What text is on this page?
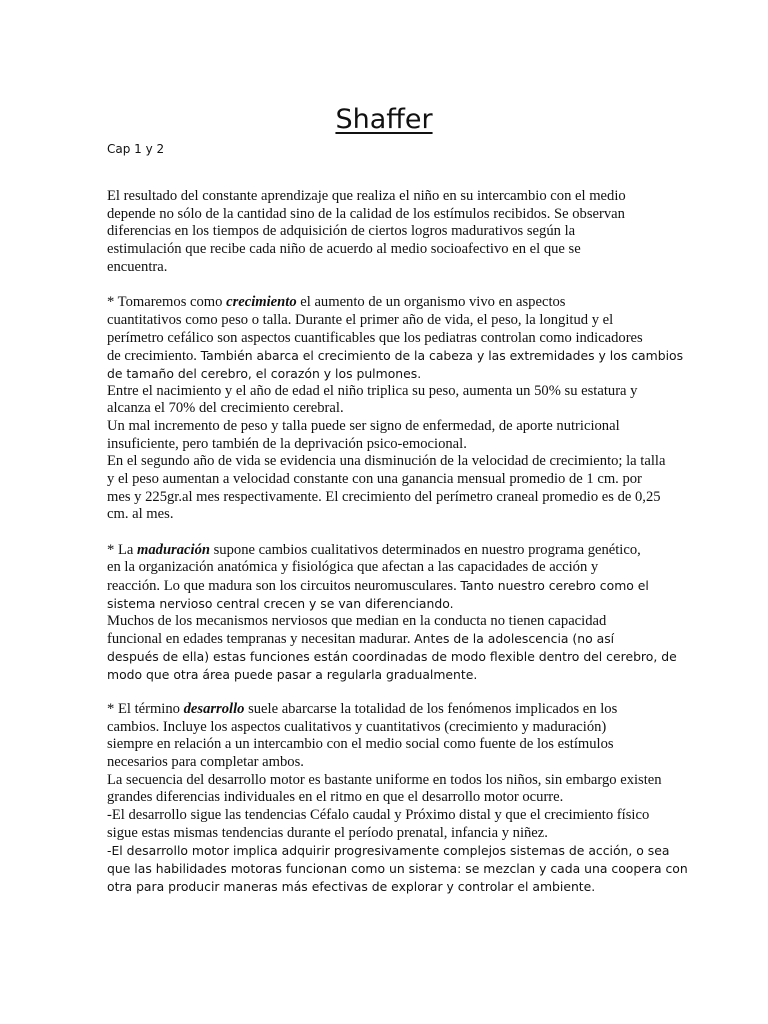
Shaffer
Cap 1 y 2
El resultado del constante aprendizaje que realiza el niño en su intercambio con el medio
depende no sólo de la cantidad sino de la calidad de los estímulos recibidos. Se observan
diferencias en los tiempos de adquisición de ciertos logros madurativos según la
estimulación que recibe cada niño de acuerdo al medio socioafectivo en el que se
encuentra.
* Tomaremos como crecimiento el aumento de un organismo vivo en aspectos
cuantitativos como peso o talla. Durante el primer año de vida, el peso, la longitud y el
perímetro cefálico son aspectos cuantificables que los pediatras controlan como indicadores
de crecimiento. También abarca el crecimiento de la cabeza y las extremidades y los cambios
de tamaño del cerebro, el corazón y los pulmones.
Entre el nacimiento y el año de edad el niño triplica su peso, aumenta un 50% su estatura y
alcanza el 70% del crecimiento cerebral.
Un mal incremento de peso y talla puede ser signo de enfermedad, de aporte nutricional
insuficiente, pero también de la deprivación psico-emocional.
En el segundo año de vida se evidencia una disminución de la velocidad de crecimiento; la talla
y el peso aumentan a velocidad constante con una ganancia mensual promedio de 1 cm. por
mes y 225gr.al mes respectivamente. El crecimiento del perímetro craneal promedio es de 0,25
cm. al mes.
* La maduración supone cambios cualitativos determinados en nuestro programa genético,
en la organización anatómica y fisiológica que afectan a las capacidades de acción y
reacción. Lo que madura son los circuitos neuromusculares. Tanto nuestro cerebro como el
sistema nervioso central crecen y se van diferenciando.
Muchos de los mecanismos nerviosos que median en la conducta no tienen capacidad
funcional en edades tempranas y necesitan madurar. Antes de la adolescencia (no así
después de ella) estas funciones están coordinadas de modo flexible dentro del cerebro, de
modo que otra área puede pasar a regularla gradualmente.
* El término desarrollo suele abarcarse la totalidad de los fenómenos implicados en los
cambios. Incluye los aspectos cualitativos y cuantitativos (crecimiento y maduración)
siempre en relación a un intercambio con el medio social como fuente de los estímulos
necesarios para completar ambos.
La secuencia del desarrollo motor es bastante uniforme en todos los niños, sin embargo existen
grandes diferencias individuales en el ritmo en que el desarrollo motor ocurre.
-El desarrollo sigue las tendencias Céfalo caudal y Próximo distal y que el crecimiento físico
sigue estas mismas tendencias durante el período prenatal, infancia y niñez.
-El desarrollo motor implica adquirir progresivamente complejos sistemas de acción, o sea
que las habilidades motoras funcionan como un sistema: se mezclan y cada una coopera con
otra para producir maneras más efectivas de explorar y controlar el ambiente.
